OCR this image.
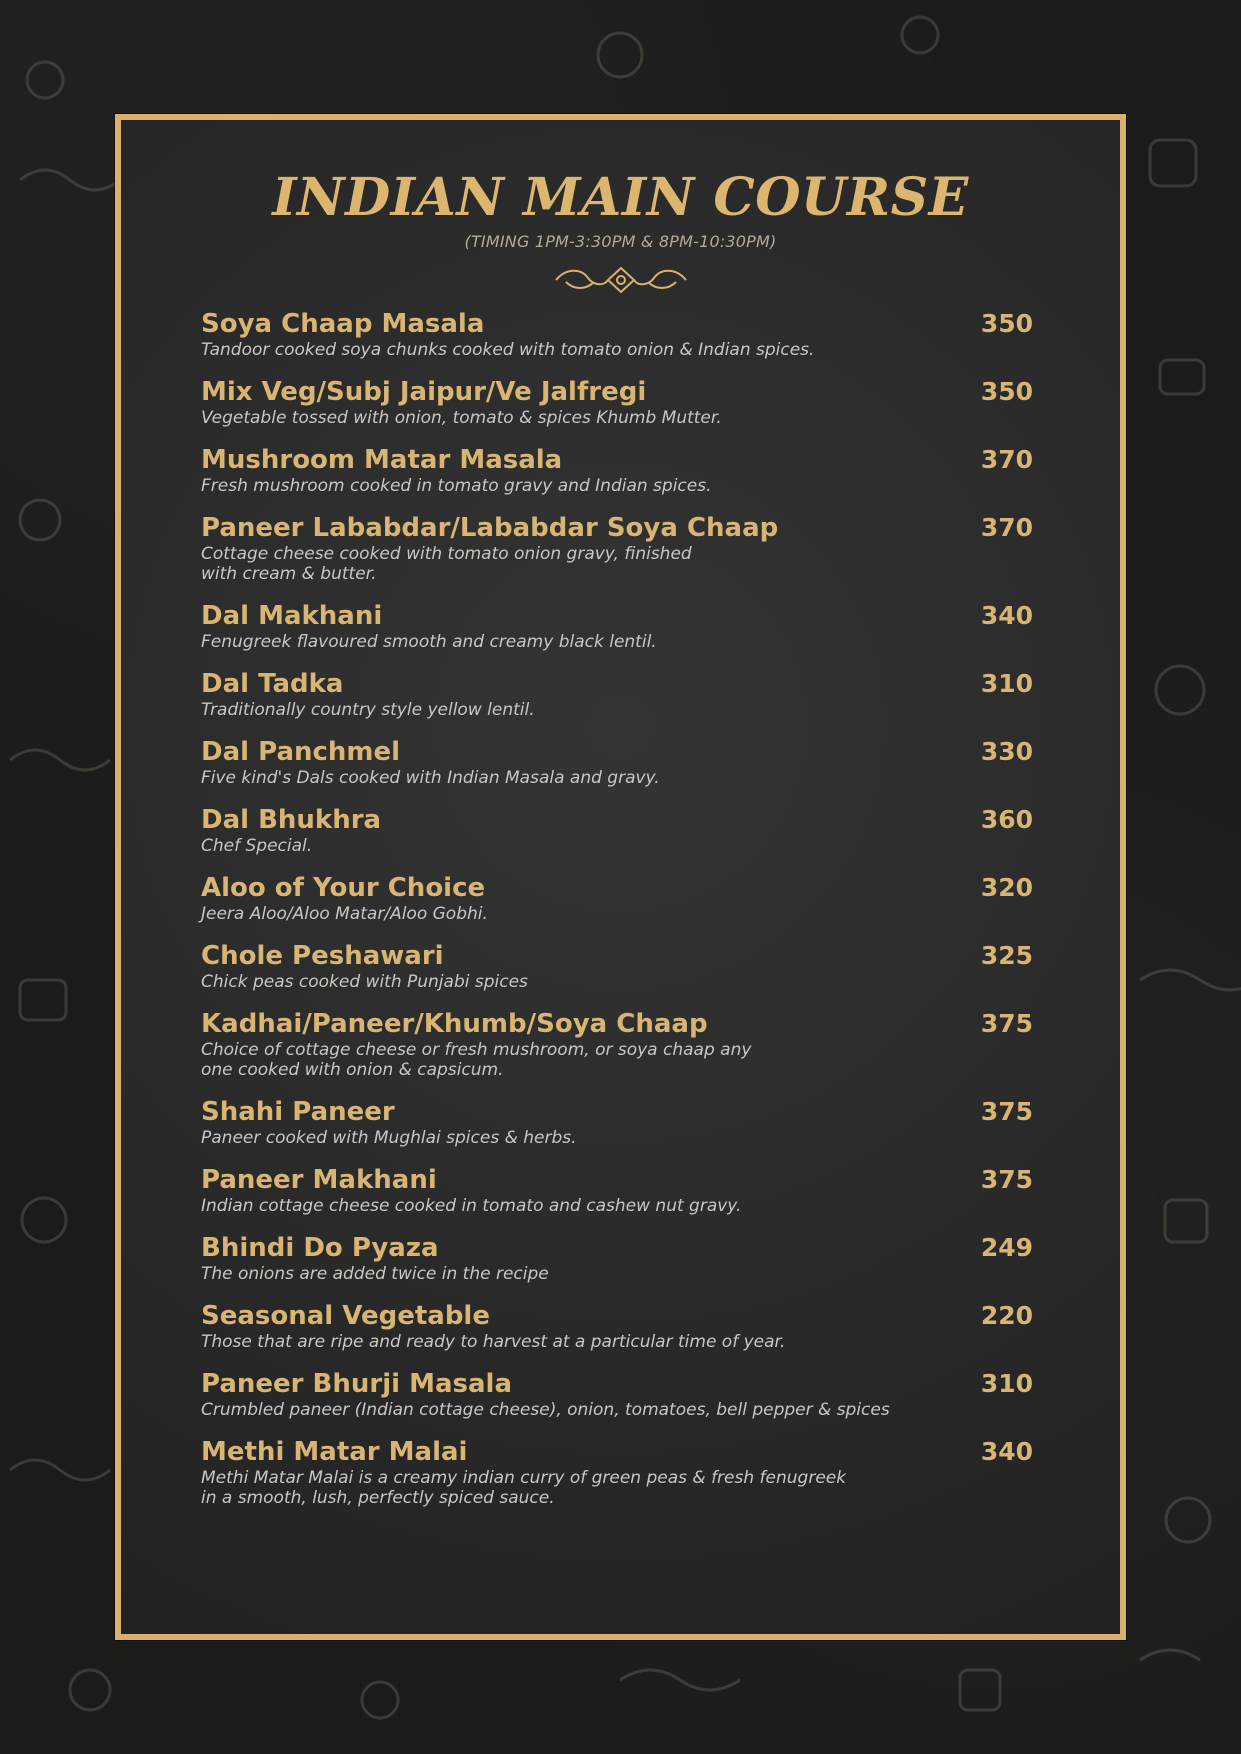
INDIAN MAIN COURSE
(TIMING 1PM-3:30PM & 8PM-10:30PM)
Soya Chaap Masala	350
Tandoor cooked soya chunks cooked with tomato onion & Indian spices.
Mix Veg/Subj Jaipur/Ve Jalfregi	350
Vegetable tossed with onion, tomato & spices Khumb Mutter.
Mushroom Matar Masala	370
Fresh mushroom cooked in tomato gravy and Indian spices.
Paneer Lababdar/Lababdar Soya Chaap	370
Cottage cheese cooked with tomato onion gravy, finished
with cream & butter.
Dal Makhani	340
Fenugreek flavoured smooth and creamy black lentil.
Dal Tadka	310
Traditionally country style yellow lentil.
Dal Panchmel	330
Five kind's Dals cooked with Indian Masala and gravy.
Dal Bhukhra	360
Chef Special.
Aloo of Your Choice	320
Jeera Aloo/Aloo Matar/Aloo Gobhi.
Chole Peshawari	325
Chick peas cooked with Punjabi spices
Kadhai/Paneer/Khumb/Soya Chaap	375
Choice of cottage cheese or fresh mushroom, or soya chaap any
one cooked with onion & capsicum.
Shahi Paneer	375
Paneer cooked with Mughlai spices & herbs.
Paneer Makhani	375
Indian cottage cheese cooked in tomato and cashew nut gravy.
Bhindi Do Pyaza	249
The onions are added twice in the recipe
Seasonal Vegetable	220
Those that are ripe and ready to harvest at a particular time of year.
Paneer Bhurji Masala	310
Crumbled paneer (Indian cottage cheese), onion, tomatoes, bell pepper & spices
Methi Matar Malai	340
Methi Matar Malai is a creamy indian curry of green peas & fresh fenugreek
in a smooth, lush, perfectly spiced sauce.
